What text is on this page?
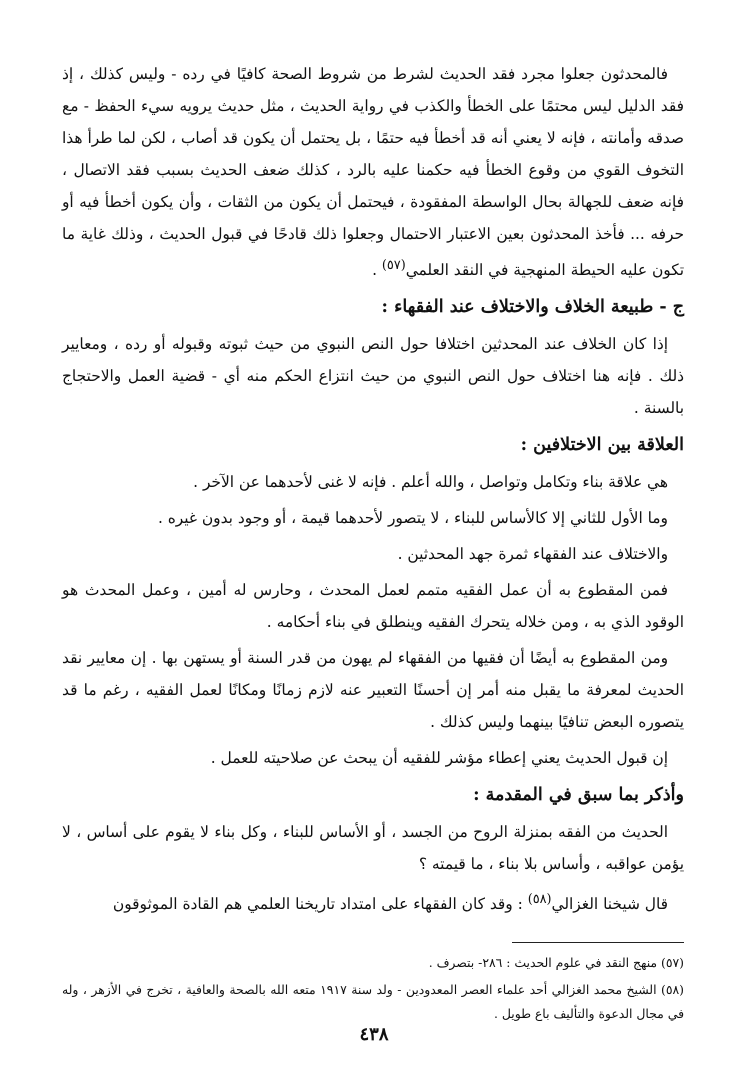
فالمحدثون جعلوا مجرد فقد الحديث لشرط من شروط الصحة كافيًا في رده - وليس كذلك ، إذ فقد الدليل ليس محتمًا على الخطأ والكذب في رواية الحديث ، مثل حديث يرويه سيء الحفظ - مع صدقه وأمانته ، فإنه لا يعني أنه قد أخطأ فيه حتمًا ، بل يحتمل أن يكون قد أصاب ، لكن لما طرأ هذا التخوف القوي من وقوع الخطأ فيه حكمنا عليه بالرد ، كذلك ضعف الحديث بسبب فقد الاتصال ، فإنه ضعف للجهالة بحال الواسطة المفقودة ، فيحتمل أن يكون من الثقات ، وأن يكون أخطأ فيه أو حرفه ... فأخذ المحدثون بعين الاعتبار الاحتمال وجعلوا ذلك قادحًا في قبول الحديث ، وذلك غاية ما تكون عليه الحيطة المنهجية في النقد العلمي$^{(٥٧)}$ .

ج - طبيعة الخلاف والاختلاف عند الفقهاء :

إذا كان الخلاف عند المحدثين اختلافا حول النص النبوي من حيث ثبوته وقبوله أو رده ، ومعايير ذلك . فإنه هنا اختلاف حول النص النبوي من حيث انتزاع الحكم منه أي - قضية العمل والاحتجاج بالسنة .

العلاقة بين الاختلافين :

هي علاقة بناء وتكامل وتواصل ، والله أعلم . فإنه لا غنى لأحدهما عن الآخر .

وما الأول للثاني إلا كالأساس للبناء ، لا يتصور لأحدهما قيمة ، أو وجود بدون غيره .

والاختلاف عند الفقهاء ثمرة جهد المحدثين .

فمن المقطوع به أن عمل الفقيه متمم لعمل المحدث ، وحارس له أمين ، وعمل المحدث هو الوقود الذي به ، ومن خلاله يتحرك الفقيه وينطلق في بناء أحكامه .

ومن المقطوع به أيضًا أن فقيها من الفقهاء لم يهون من قدر السنة أو يستهن بها . إن معايير نقد الحديث لمعرفة ما يقبل منه أمر إن أحسنًا التعبير عنه لازم زمانًا ومكانًا لعمل الفقيه ، رغم ما قد يتصوره البعض تنافيًا بينهما وليس كذلك .

إن قبول الحديث يعني إعطاء مؤشر للفقيه أن يبحث عن صلاحيته للعمل .

وأذكر بما سبق في المقدمة :

الحديث من الفقه بمنزلة الروح من الجسد ، أو الأساس للبناء ، وكل بناء لا يقوم على أساس ، لا يؤمن عواقبه ، وأساس بلا بناء ، ما قيمته ؟

قال شيخنا الغزالي$^{(٥٨)}$ : وقد كان الفقهاء على امتداد تاريخنا العلمي هم القادة الموثوقون

(٥٧) منهج النقد في علوم الحديث : ٢٨٦- بتصرف .

(٥٨) الشيخ محمد الغزالي أحد علماء العصر المعدودين - ولد سنة ١٩١٧ متعه الله بالصحة والعافية ، تخرج في الأزهر ، وله في مجال الدعوة والتأليف باع طويل .

٤٣٨
